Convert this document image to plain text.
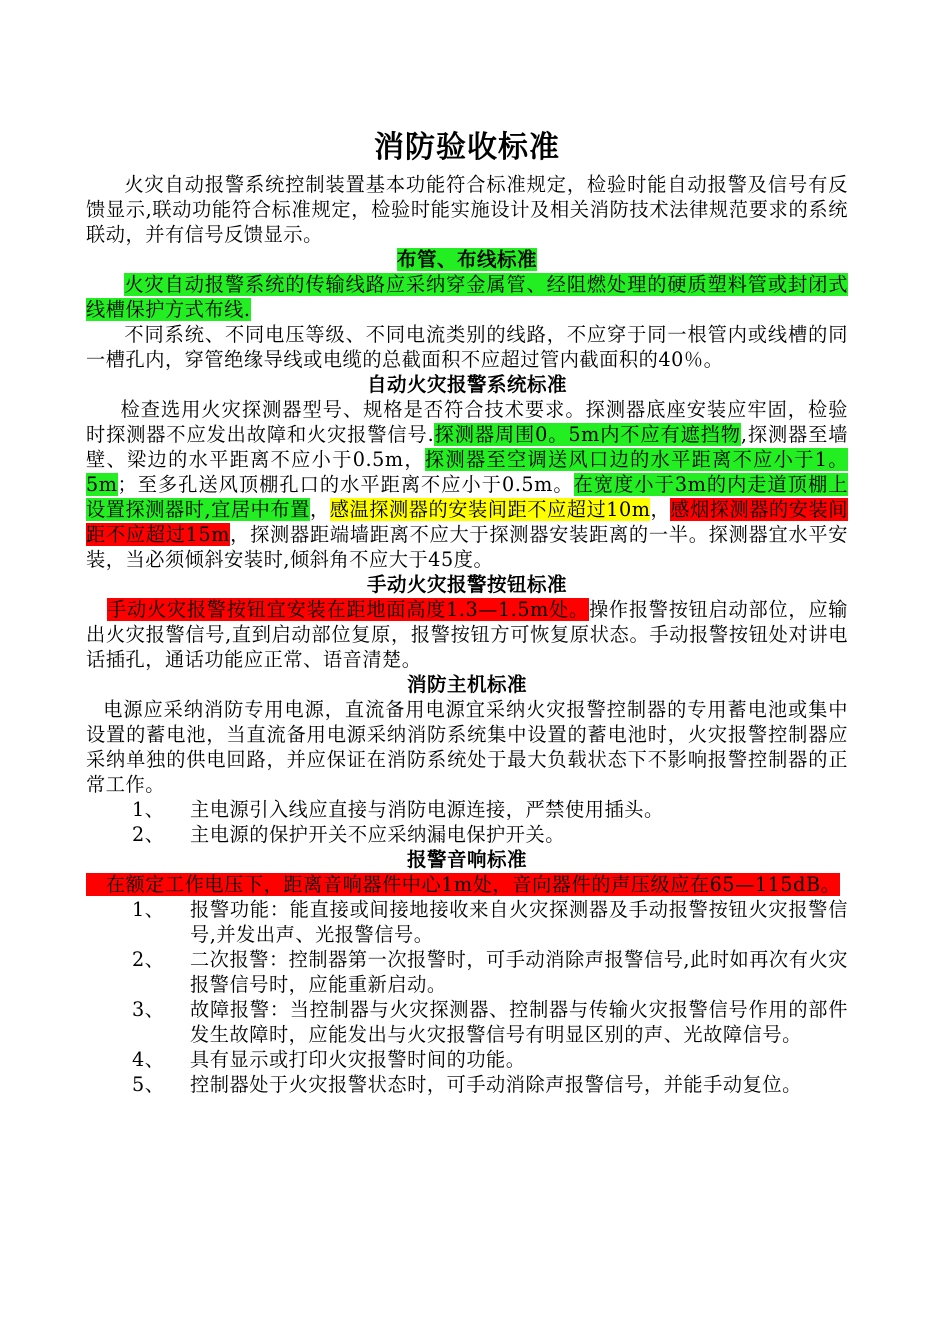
消防验收标准

火灾自动报警系统控制装置基本功能符合标准规定，检验时能自动报警及信号有反馈显示,联动功能符合标准规定，检验时能实施设计及相关消防技术法律规范要求的系统联动，并有信号反馈显示。

布管、布线标准

火灾自动报警系统的传输线路应采纳穿金属管、经阻燃处理的硬质塑料管或封闭式线槽保护方式布线.

不同系统、不同电压等级、不同电流类别的线路，不应穿于同一根管内或线槽的同一槽孔内，穿管绝缘导线或电缆的总截面积不应超过管内截面积的40％。

自动火灾报警系统标准

检查选用火灾探测器型号、规格是否符合技术要求。探测器底座安装应牢固，检验时探测器不应发出故障和火灾报警信号.探测器周围0。5m内不应有遮挡物,探测器至墙壁、梁边的水平距离不应小于0.5m，探测器至空调送风口边的水平距离不应小于1。5m；至多孔送风顶棚孔口的水平距离不应小于0.5m。在宽度小于3m的内走道顶棚上设置探测器时,宜居中布置，感温探测器的安装间距不应超过10m，感烟探测器的安装间距不应超过15m，探测器距端墙距离不应大于探测器安装距离的一半。探测器宜水平安装，当必须倾斜安装时,倾斜角不应大于45度。

手动火灾报警按钮标准

手动火灾报警按钮宜安装在距地面高度1.3—1.5m处。操作报警按钮启动部位，应输出火灾报警信号,直到启动部位复原，报警按钮方可恢复原状态。手动报警按钮处对讲电话插孔，通话功能应正常、语音清楚。

消防主机标准

电源应采纳消防专用电源，直流备用电源宜采纳火灾报警控制器的专用蓄电池或集中设置的蓄电池，当直流备用电源采纳消防系统集中设置的蓄电池时，火灾报警控制器应采纳单独的供电回路，并应保证在消防系统处于最大负载状态下不影响报警控制器的正常工作。

1、	主电源引入线应直接与消防电源连接，严禁使用插头。
2、	主电源的保护开关不应采纳漏电保护开关。
报警音响标准

 在额定工作电压下，距离音响器件中心1m处，音向器件的声压级应在65—115dB。

1、	报警功能：能直接或间接地接收来自火灾探测器及手动报警按钮火灾报警信号,并发出声、光报警信号。
2、	二次报警：控制器第一次报警时，可手动消除声报警信号,此时如再次有火灾报警信号时，应能重新启动。
3、	故障报警：当控制器与火灾探测器、控制器与传输火灾报警信号作用的部件发生故障时，应能发出与火灾报警信号有明显区别的声、光故障信号。
4、	具有显示或打印火灾报警时间的功能。
5、	控制器处于火灾报警状态时，可手动消除声报警信号，并能手动复位。
